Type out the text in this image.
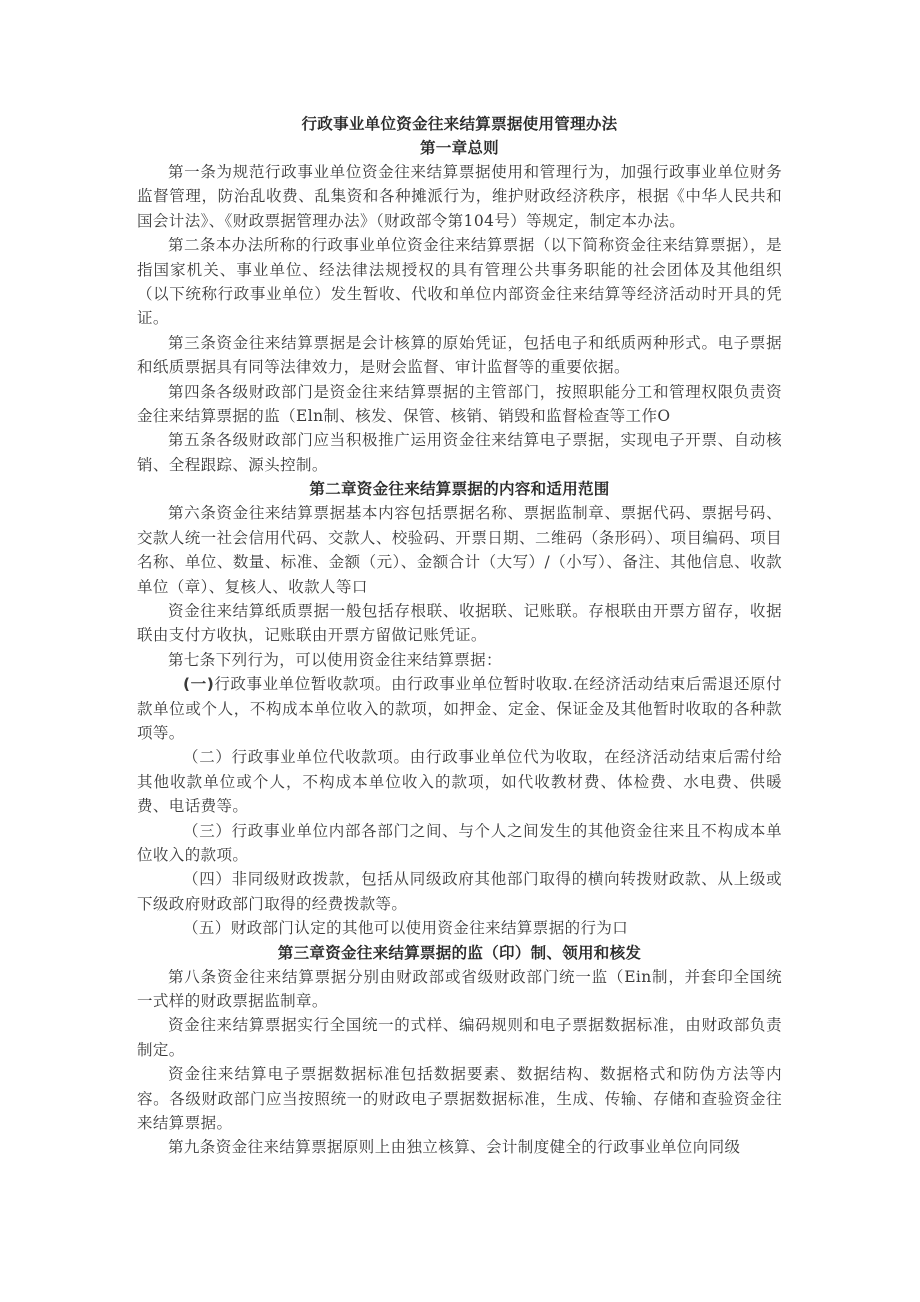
行政事业单位资金往来结算票据使用管理办法
第一章总则

第一条为规范行政事业单位资金往来结算票据使用和管理行为，加强行政事业单位财务监督管理，防治乱收费、乱集资和各种摊派行为，维护财政经济秩序，根据《中华人民共和国会计法》、《财政票据管理办法》（财政部令第104号）等规定，制定本办法。

第二条本办法所称的行政事业单位资金往来结算票据（以下简称资金往来结算票据），是指国家机关、事业单位、经法律法规授权的具有管理公共事务职能的社会团体及其他组织（以下统称行政事业单位）发生暂收、代收和单位内部资金往来结算等经济活动时开具的凭证。

第三条资金往来结算票据是会计核算的原始凭证，包括电子和纸质两种形式。电子票据和纸质票据具有同等法律效力，是财会监督、审计监督等的重要依据。

第四条各级财政部门是资金往来结算票据的主管部门，按照职能分工和管理权限负责资金往来结算票据的监（Eln制、核发、保管、核销、销毁和监督检查等工作O

第五条各级财政部门应当积极推广运用资金往来结算电子票据，实现电子开票、自动核销、全程跟踪、源头控制。

第二章资金往来结算票据的内容和适用范围

第六条资金往来结算票据基本内容包括票据名称、票据监制章、票据代码、票据号码、交款人统一社会信用代码、交款人、校验码、开票日期、二维码（条形码）、项目编码、项目名称、单位、数量、标准、金额（元）、金额合计（大写）/（小写）、备注、其他信息、收款单位（章）、复核人、收款人等口

资金往来结算纸质票据一般包括存根联、收据联、记账联。存根联由开票方留存，收据联由支付方收执，记账联由开票方留做记账凭证。

第七条下列行为，可以使用资金往来结算票据：

(一)行政事业单位暂收款项。由行政事业单位暂时收取.在经济活动结束后需退还原付款单位或个人，不构成本单位收入的款项，如押金、定金、保证金及其他暂时收取的各种款项等。

（二）行政事业单位代收款项。由行政事业单位代为收取，在经济活动结束后需付给其他收款单位或个人，不构成本单位收入的款项，如代收教材费、体检费、水电费、供暖费、电话费等。

（三）行政事业单位内部各部门之间、与个人之间发生的其他资金往来且不构成本单位收入的款项。

（四）非同级财政拨款，包括从同级政府其他部门取得的横向转拨财政款、从上级或下级政府财政部门取得的经费拨款等。

（五）财政部门认定的其他可以使用资金往来结算票据的行为口

第三章资金往来结算票据的监（印）制、领用和核发

第八条资金往来结算票据分别由财政部或省级财政部门统一监（Ein制，并套印全国统一式样的财政票据监制章。

资金往来结算票据实行全国统一的式样、编码规则和电子票据数据标准，由财政部负责制定。

资金往来结算电子票据数据标准包括数据要素、数据结构、数据格式和防伪方法等内容。各级财政部门应当按照统一的财政电子票据数据标准，生成、传输、存储和查验资金往来结算票据。

第九条资金往来结算票据原则上由独立核算、会计制度健全的行政事业单位向同级
